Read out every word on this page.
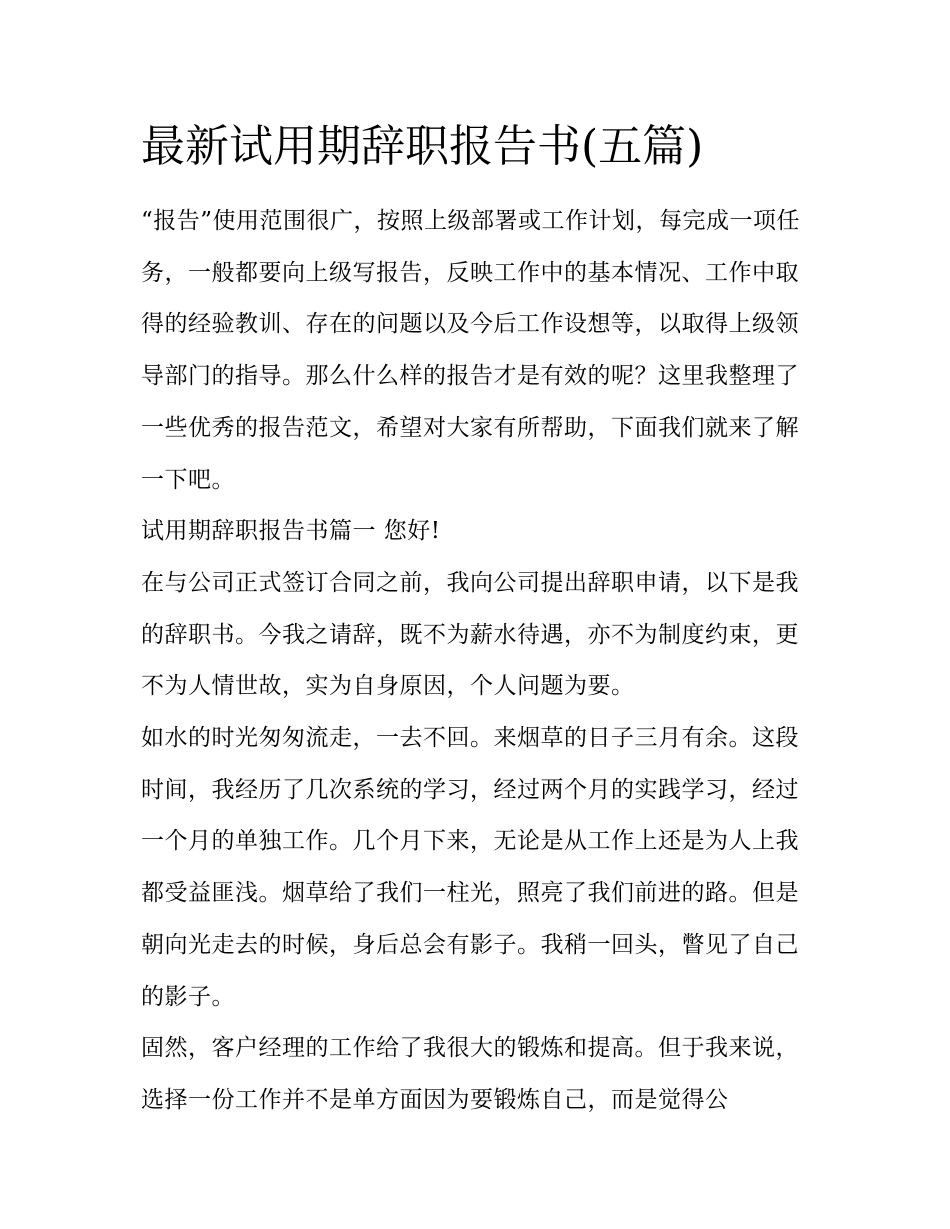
最新试用期辞职报告书(五篇)

“报告”使用范围很广，按照上级部署或工作计划，每完成一项任务，一般都要向上级写报告，反映工作中的基本情况、工作中取得的经验教训、存在的问题以及今后工作设想等，以取得上级领导部门的指导。那么什么样的报告才是有效的呢？这里我整理了一些优秀的报告范文，希望对大家有所帮助，下面我们就来了解一下吧。

试用期辞职报告书篇一 您好!

在与公司正式签订合同之前，我向公司提出辞职申请，以下是我的辞职书。今我之请辞，既不为薪水待遇，亦不为制度约束，更不为人情世故，实为自身原因，个人问题为要。

如水的时光匆匆流走，一去不回。来烟草的日子三月有余。这段时间，我经历了几次系统的学习，经过两个月的实践学习，经过一个月的单独工作。几个月下来，无论是从工作上还是为人上我都受益匪浅。烟草给了我们一柱光，照亮了我们前进的路。但是朝向光走去的时候，身后总会有影子。我稍一回头，瞥见了自己的影子。

固然，客户经理的工作给了我很大的锻炼和提高。但于我来说，选择一份工作并不是单方面因为要锻炼自己，而是觉得公
